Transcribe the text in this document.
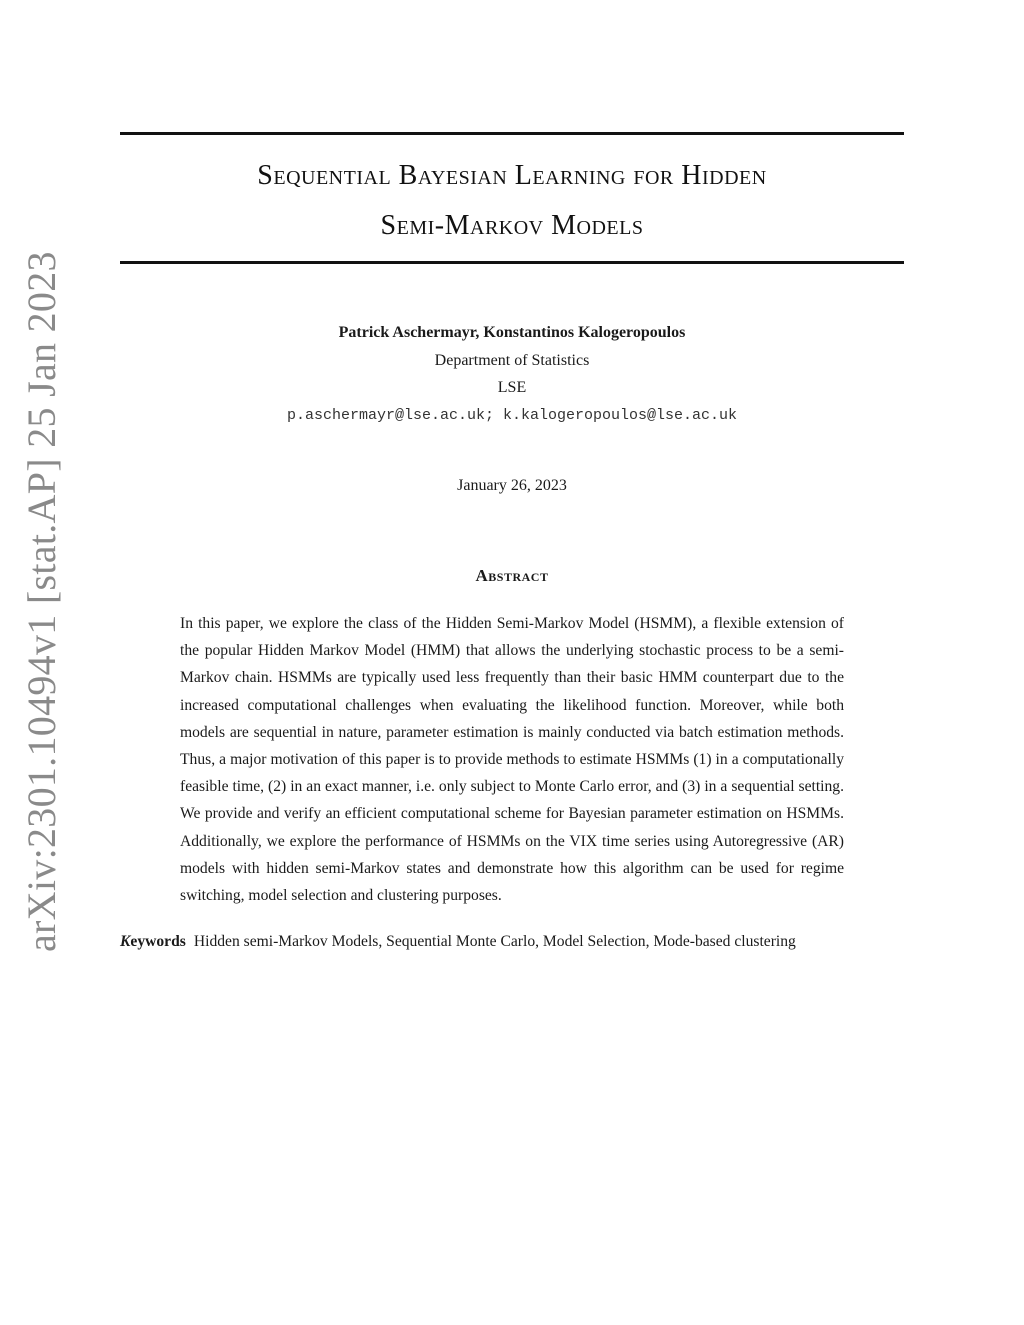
arXiv:2301.10494v1 [stat.AP] 25 Jan 2023
Sequential Bayesian Learning for Hidden
Semi-Markov Models
Patrick Aschermayr, Konstantinos Kalogeropoulos
Department of Statistics
LSE
p.aschermayr@lse.ac.uk; k.kalogeropoulos@lse.ac.uk
January 26, 2023
Abstract
In this paper, we explore the class of the Hidden Semi-Markov Model (HSMM), a flexible extension of the popular Hidden Markov Model (HMM) that allows the underlying stochastic process to be a semi-Markov chain. HSMMs are typically used less frequently than their basic HMM counterpart due to the increased computational challenges when evaluating the likelihood function. Moreover, while both models are sequential in nature, parameter estimation is mainly conducted via batch estimation methods. Thus, a major motivation of this paper is to provide methods to estimate HSMMs (1) in a computationally feasible time, (2) in an exact manner, i.e. only subject to Monte Carlo error, and (3) in a sequential setting. We provide and verify an efficient computational scheme for Bayesian parameter estimation on HSMMs. Additionally, we explore the performance of HSMMs on the VIX time series using Autoregressive (AR) models with hidden semi-Markov states and demonstrate how this algorithm can be used for regime switching, model selection and clustering purposes.
Keywords Hidden semi-Markov Models, Sequential Monte Carlo, Model Selection, Mode-based clustering
